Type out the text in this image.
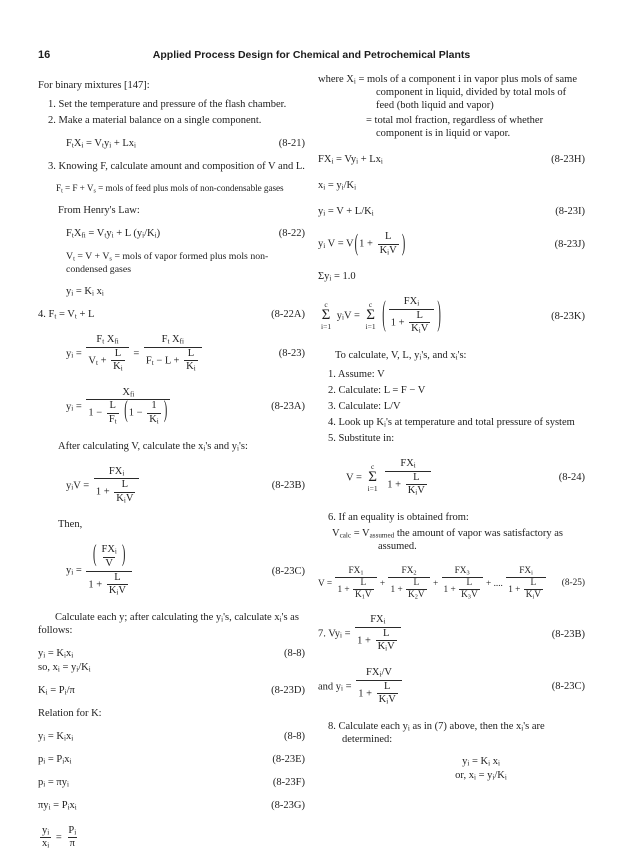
16	Applied Process Design for Chemical and Petrochemical Plants
For binary mixtures [147]:
1. Set the temperature and pressure of the flash chamber.
2. Make a material balance on a single component.
$F_tX_i = V_ty_i + Lx_i$	(8-21)
3. Knowing F, calculate amount and composition of V and L.
$F_t = F + V_s$ = mols of feed plus mols of non-condensable gases
From Henry's Law:
$F_tX_{fi} = V_ty_i + L$ $(y_i/K_i)$	(8-22)
$V_t = V + V_s$ = mols of vapor formed plus mols non-condensed gases
$y_i = K_i$ $x_i$
4. $F_t = V_t + L$	(8-22A)
$y_i = \frac{F_t X_{fi}}{V_t + \frac{L}{K_i}} = \frac{F_t X_{fi}}{F_t - L + \frac{L}{K_i}}$	(8-23)
$y_i = \frac{X_{fi}}{1 - \frac{L}{F_t} (1 - \frac{1}{K_i} )}$	(8-23A)
After calculating V, calculate the $x_i's$ and $y_i's$:
$y_iV = \frac{FX_i}{1 + \frac{L}{K_iV}}$	(8-23B)
Then,
$y_i = \frac{( \frac{FX_i}{V} )}{1 + \frac{L}{K_iV}}$	(8-23C)
Calculate each y; after calculating the $y_i's$, calculate $x_i's$ as follows:
$y_i = K_ix_i$	(8-8)
so, $x_i = y_i/K_i$
$K_i = P_i/\pi$	(8-23D)
Relation for K:
$y_i = K_ix_i$	(8-8)
$p_i = P_ix_i$	(8-23E)
$p_i = \pi y_i$	(8-23F)
$\pi y_i = P_ix_i$	(8-23G)
$\frac{y_i}{x_i} = \frac{P_i}{\pi}$
where $X_i$ = mols of a component i in vapor plus mols of same component in liquid, divided by total mols of feed (both liquid and vapor)
= total mol fraction, regardless of whether component is in liquid or vapor.
$FX_i = Vy_i + Lx_i$	(8-23H)
$x_i = y_i/K_i$
$y_i = V + L/K_i$	(8-23I)
$y_i$ $V = V(1 + \frac{L}{K_iV}$ )	(8-23J)
$\Sigma y_i = 1.0$
c
Σ
i=1
$y_iV$ =
c
Σ
i=1 ( $\frac{FX_i}{1 + \frac{L}{K_iV}}$ )	(8-23K)
To calculate, V, L, $y_i's$, and $x_i's$:
1. Assume: V
2. Calculate: L = F − V
3. Calculate: L/V
4. Look up $K_i's$ at temperature and total pressure of system
5. Substitute in:
V =
c
Σ
i=1
$\frac{FX_i}{1 + \frac{L}{K_iV}}$	(8-24)
6. If an equality is obtained from:
$V_{calc} = V_{assumed}$ the amount of vapor was satisfactory as assumed.
$V = \frac{FX_1}{1 + \frac{L}{K_1V}} + \frac{FX_2}{1 + \frac{L}{K_2V}} + \frac{FX_3}{1 + \frac{L}{K_3V}}$ + .... $\frac{FX_i}{1 + \frac{L}{K_iV}}$	(8-25)
7. $Vy_i = \frac{FX_i}{1 + \frac{L}{K_iV}}$	(8-23B)
and $y_i = \frac{FX_i/V}{1 + \frac{L}{K_iV}}$	(8-23C)
8. Calculate each $y_i$ as in (7) above, then the $x_i's$ are determined:
$y_i = K_i$ $x_i$
or, $x_i = y_i/K_i$
